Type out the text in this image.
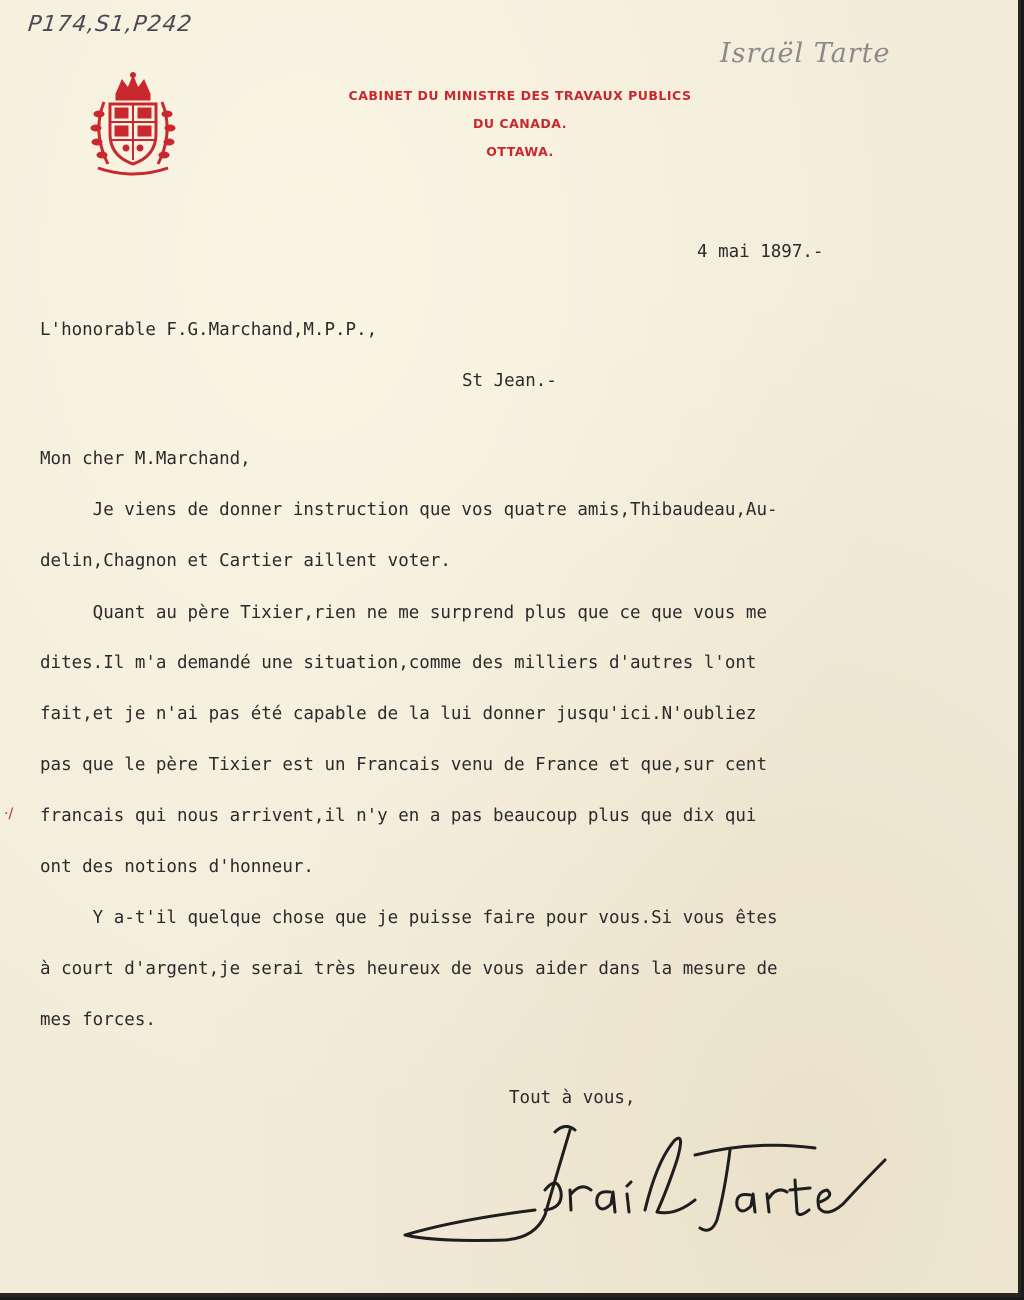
P174,S1,P242
Israël Tarte
CABINET DU MINISTRE DES TRAVAUX PUBLICS
DU CANADA.
OTTAWA.
4 mai 1897.-
L'honorable F.G.Marchand,M.P.P.,
St Jean.-
Mon cher M.Marchand,
Je viens de donner instruction que vos quatre amis,Thibaudeau,Au-
delin,Chagnon et Cartier aillent voter.
Quant au père Tixier,rien ne me surprend plus que ce que vous me
dites.Il m'a demandé une situation,comme des milliers d'autres l'ont
fait,et je n'ai pas été capable de la lui donner jusqu'ici.N'oubliez
pas que le père Tixier est un Francais venu de France et que,sur cent
francais qui nous arrivent,il n'y en a pas beaucoup plus que dix qui
ont des notions d'honneur.
Y a-t'il quelque chose que je puisse faire pour vous.Si vous êtes
à court d'argent,je serai très heureux de vous aider dans la mesure de
mes forces.
·/
Tout à vous,
